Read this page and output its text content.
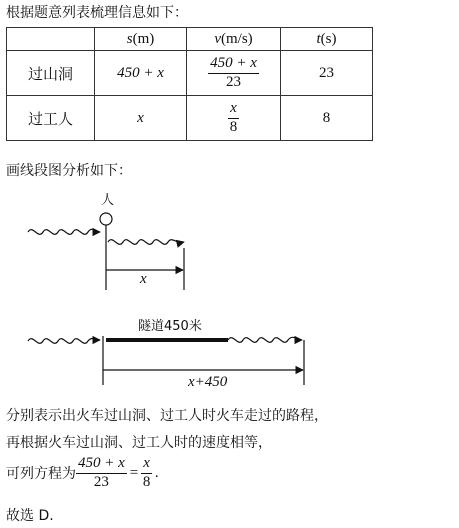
根据题意列表梳理信息如下：
	s(m)	v(m/s)	t(s)
过山洞	450 + x	$\frac{450 + x}{23}$	23
过工人	x	$\frac{x}{8}$	8
画线段图分析如下：
人
x
隧道450米
x+450
分别表示出火车过山洞、过工人时火车走过的路程，
再根据火车过山洞、过工人时的速度相等，
可列方程为 $\frac{450 + x}{23} = \frac{x}{8}$ .
故选 D.
